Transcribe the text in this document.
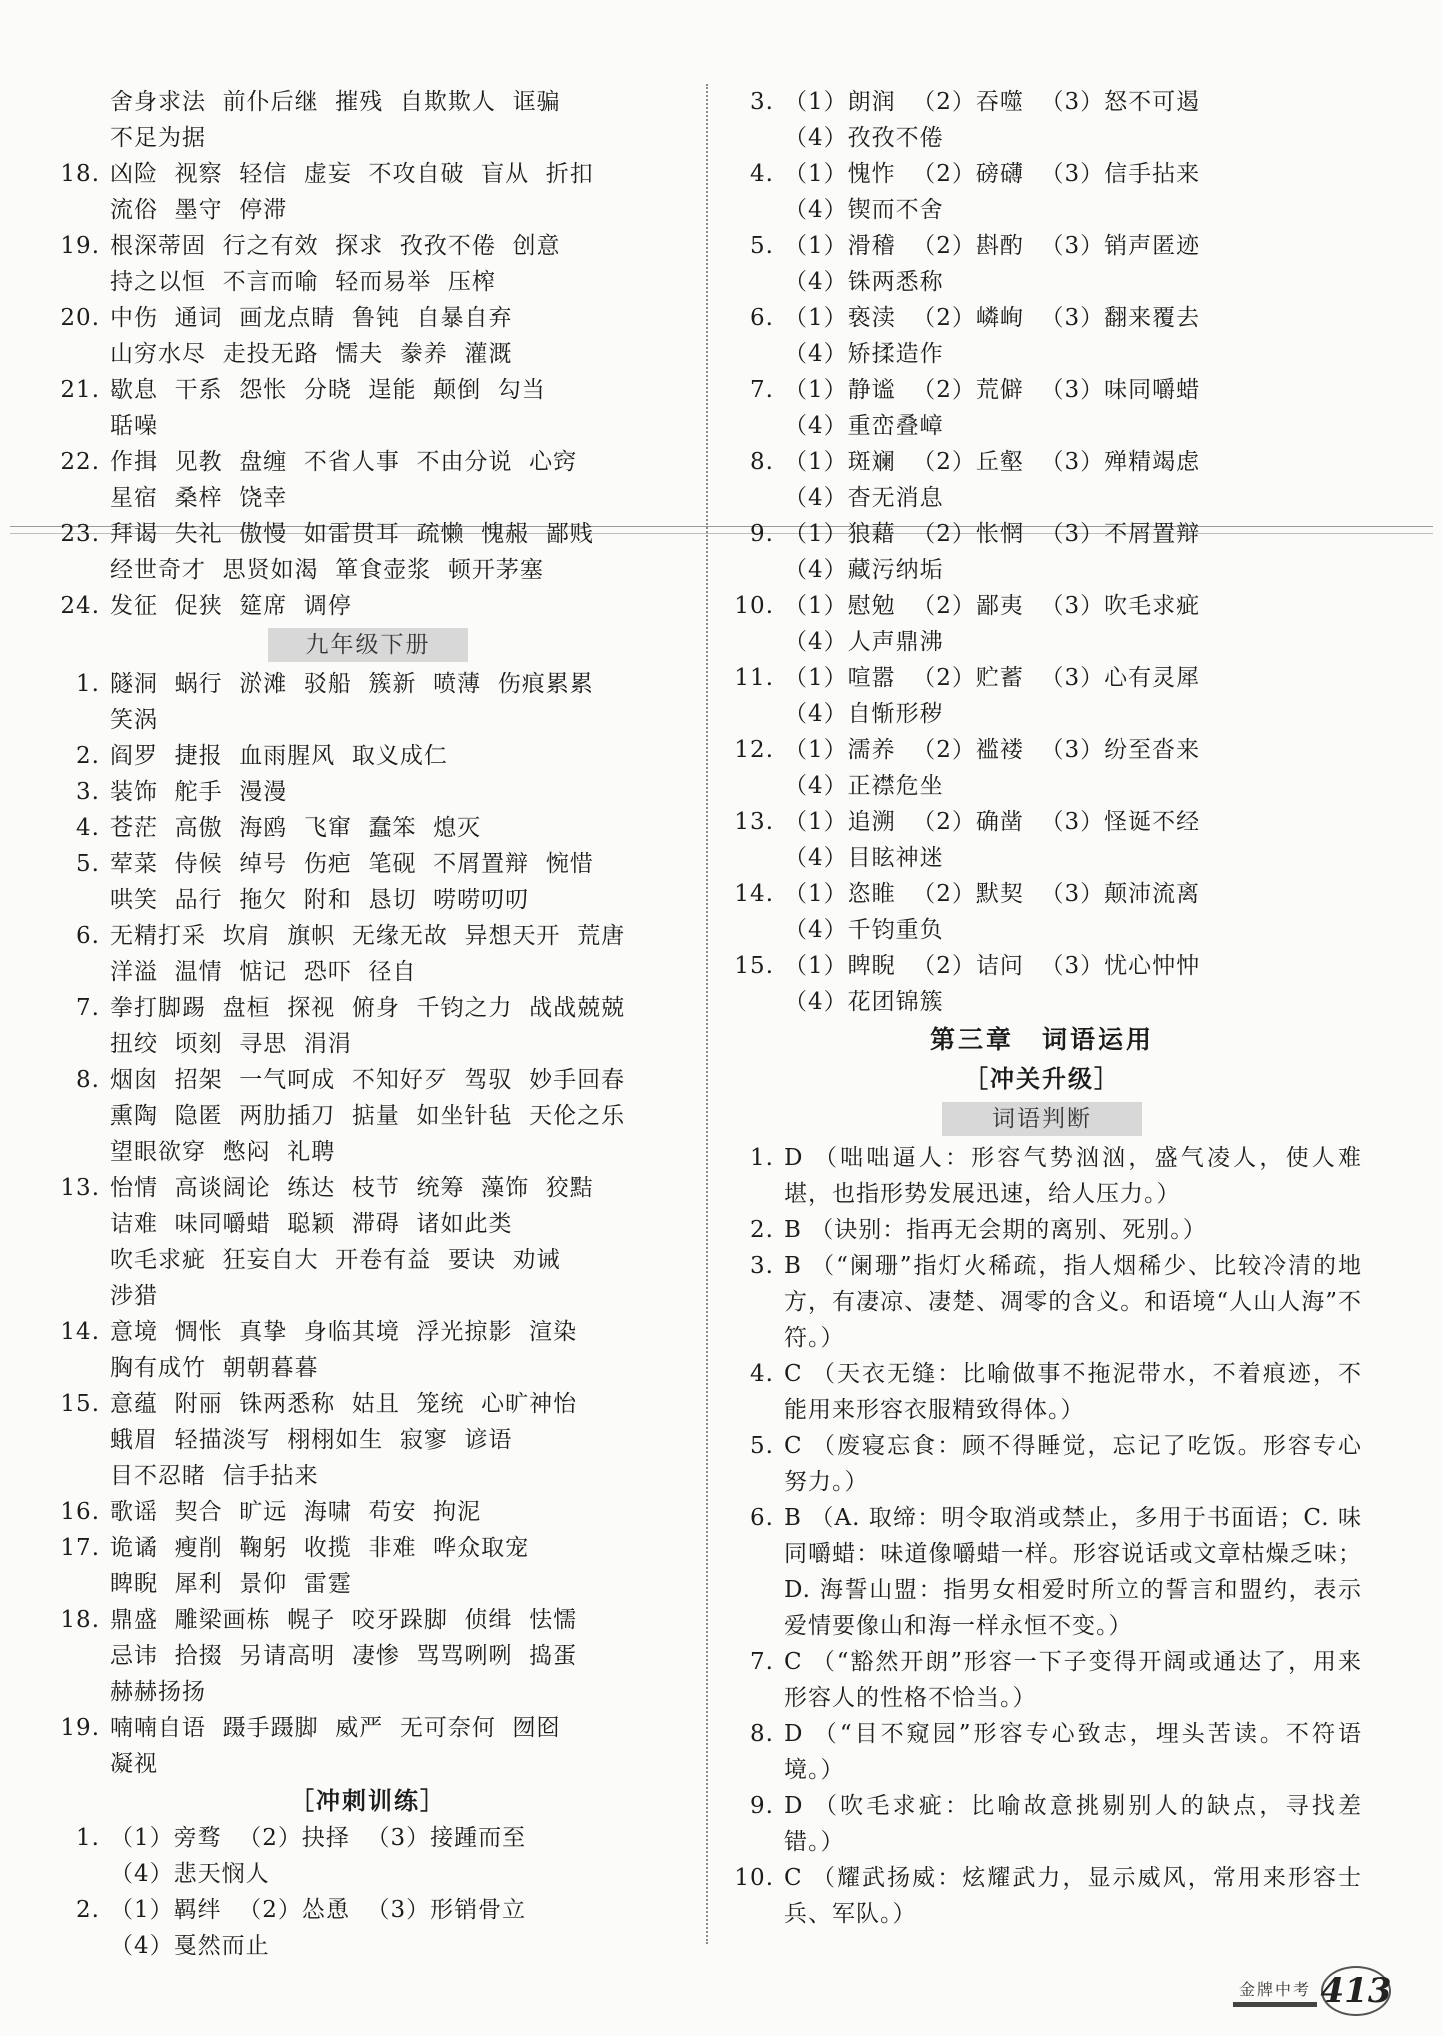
舍身求法  前仆后继  摧残  自欺欺人  诓骗
不足为据
18. 凶险  视察  轻信  虚妄  不攻自破  盲从  折扣
流俗  墨守  停滞
19. 根深蒂固  行之有效  探求  孜孜不倦  创意
持之以恒  不言而喻  轻而易举  压榨
20. 中伤  通词  画龙点睛  鲁钝  自暴自弃
山穷水尽  走投无路  懦夫  豢养  灌溉
21. 歇息  干系  怨怅  分晓  逞能  颠倒  勾当
聒噪
22. 作揖  见教  盘缠  不省人事  不由分说  心窍
星宿  桑梓  饶幸
23. 拜谒  失礼  傲慢  如雷贯耳  疏懒  愧赧  鄙贱
经世奇才  思贤如渴  箪食壶浆  顿开茅塞
24. 发征  促狭  筵席  调停
九年级下册
1. 隧洞  蜗行  淤滩  驳船  簇新  喷薄  伤痕累累
笑涡
2. 阎罗  捷报  血雨腥风  取义成仁
3. 装饰  舵手  漫漫
4. 苍茫  高傲  海鸥  飞窜  蠢笨  熄灭
5. 荤菜  侍候  绰号  伤疤  笔砚  不屑置辩  惋惜
哄笑  品行  拖欠  附和  恳切  唠唠叨叨
6. 无精打采  坎肩  旗帜  无缘无故  异想天开  荒唐
洋溢  温情  惦记  恐吓  径自
7. 拳打脚踢  盘桓  探视  俯身  千钧之力  战战兢兢
扭绞  顷刻  寻思  涓涓
8. 烟囱  招架  一气呵成  不知好歹  驾驭  妙手回春
熏陶  隐匿  两肋插刀  掂量  如坐针毡  天伦之乐
望眼欲穿  憋闷  礼聘
13. 怡情  高谈阔论  练达  枝节  统筹  藻饰  狡黠
诘难  味同嚼蜡  聪颖  滞碍  诸如此类
吹毛求疵  狂妄自大  开卷有益  要诀  劝诫
涉猎
14. 意境  惆怅  真挚  身临其境  浮光掠影  渲染
胸有成竹  朝朝暮暮
15. 意蕴  附丽  铢两悉称  姑且  笼统  心旷神怡
蛾眉  轻描淡写  栩栩如生  寂寥  谚语
目不忍睹  信手拈来
16. 歌谣  契合  旷远  海啸  苟安  拘泥
17. 诡谲  瘦削  鞠躬  收揽  非难  哗众取宠
睥睨  犀利  景仰  雷霆
18. 鼎盛  雕梁画栋  幌子  咬牙跺脚  侦缉  怯懦
忌讳  拾掇  另请高明  凄惨  骂骂咧咧  捣蛋
赫赫扬扬
19. 喃喃自语  蹑手蹑脚  威严  无可奈何  囫囵
凝视
［冲刺训练］
1. （1）旁骛  （2）抉择  （3）接踵而至
（4）悲天悯人
2. （1）羁绊  （2）怂恿  （3）形销骨立
（4）戛然而止
3. （1）朗润  （2）吞噬  （3）怒不可遏
（4）孜孜不倦
4. （1）愧怍  （2）磅礴  （3）信手拈来
（4）锲而不舍
5. （1）滑稽  （2）斟酌  （3）销声匿迹
（4）铢两悉称
6. （1）亵渎  （2）嶙峋  （3）翻来覆去
（4）矫揉造作
7. （1）静谧  （2）荒僻  （3）味同嚼蜡
（4）重峦叠嶂
8. （1）斑斓  （2）丘壑  （3）殚精竭虑
（4）杳无消息
9. （1）狼藉  （2）怅惘  （3）不屑置辩
（4）藏污纳垢
10. （1）慰勉  （2）鄙夷  （3）吹毛求疵
（4）人声鼎沸
11. （1）喧嚣  （2）贮蓄  （3）心有灵犀
（4）自惭形秽
12. （1）濡养  （2）褴褛  （3）纷至沓来
（4）正襟危坐
13. （1）追溯  （2）确凿  （3）怪诞不经
（4）目眩神迷
14. （1）恣睢  （2）默契  （3）颠沛流离
（4）千钧重负
15. （1）睥睨  （2）诘问  （3）忧心忡忡
（4）花团锦簇
第三章　词语运用
［冲关升级］
词语判断
1. D （咄咄逼人：形容气势汹汹，盛气凌人，使人难堪，也指形势发展迅速，给人压力。）
2. B （诀别：指再无会期的离别、死别。）
3. B （“阑珊”指灯火稀疏，指人烟稀少、比较冷清的地方，有凄凉、凄楚、凋零的含义。和语境“人山人海”不符。）
4. C （天衣无缝：比喻做事不拖泥带水，不着痕迹，不能用来形容衣服精致得体。）
5. C （废寝忘食：顾不得睡觉，忘记了吃饭。形容专心努力。）
6. B （A. 取缔：明令取消或禁止，多用于书面语；C. 味同嚼蜡：味道像嚼蜡一样。形容说话或文章枯燥乏味；D. 海誓山盟：指男女相爱时所立的誓言和盟约，表示爱情要像山和海一样永恒不变。）
7. C （“豁然开朗”形容一下子变得开阔或通达了，用来形容人的性格不恰当。）
8. D （“目不窥园”形容专心致志，埋头苦读。不符语境。）
9. D （吹毛求疵：比喻故意挑剔别人的缺点，寻找差错。）
10. C （耀武扬威：炫耀武力，显示威风，常用来形容士兵、军队。）
金牌中考 413
